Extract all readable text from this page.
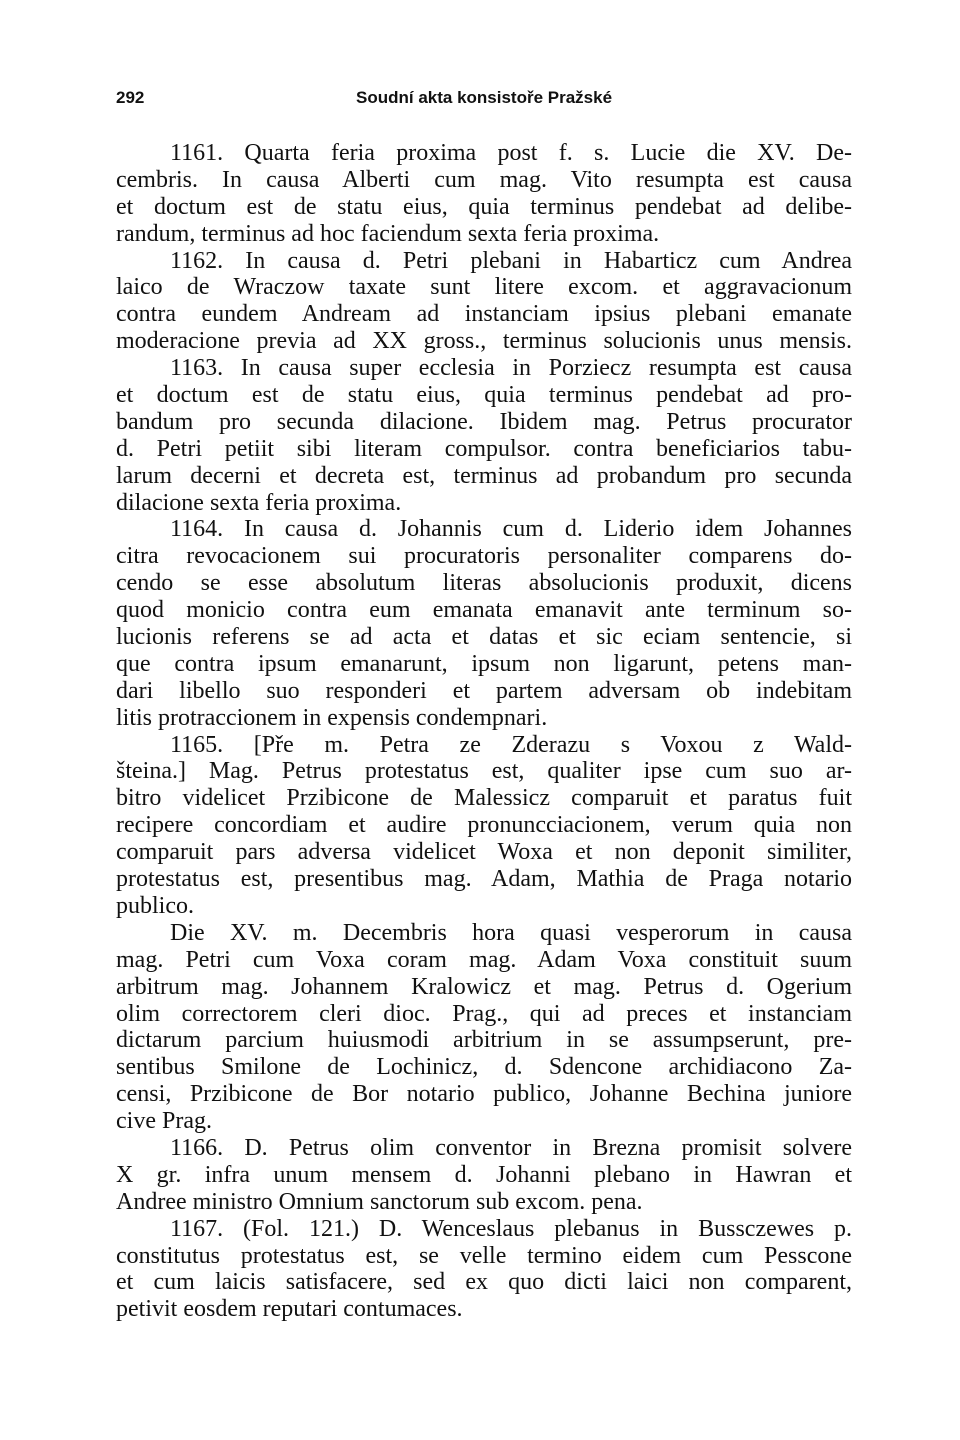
292	Soudní akta konsistoře Pražské
1161. Quarta feria proxima post f. s. Lucie die XV. De-
cembris. In causa Alberti cum mag. Vito resumpta est causa
et doctum est de statu eius, quia terminus pendebat ad delibe-
randum, terminus ad hoc faciendum sexta feria proxima.
1162. In causa d. Petri plebani in Habarticz cum Andrea
laico de Wraczow taxate sunt litere excom. et aggravacionum
contra eundem Andream ad instanciam ipsius plebani emanate
moderacione previa ad XX gross., terminus solucionis unus mensis.
1163. In causa super ecclesia in Porziecz resumpta est causa
et doctum est de statu eius, quia terminus pendebat ad pro-
bandum pro secunda dilacione. Ibidem mag. Petrus procurator
d. Petri petiit sibi literam compulsor. contra beneficiarios tabu-
larum decerni et decreta est, terminus ad probandum pro secunda
dilacione sexta feria proxima.
1164. In causa d. Johannis cum d. Liderio idem Johannes
citra revocacionem sui procuratoris personaliter comparens do-
cendo se esse absolutum literas absolucionis produxit, dicens
quod monicio contra eum emanata emanavit ante terminum so-
lucionis referens se ad acta et datas et sic eciam sentencie, si
que contra ipsum emanarunt, ipsum non ligarunt, petens man-
dari libello suo responderi et partem adversam ob indebitam
litis protraccionem in expensis condempnari.
1165. [Pře m. Petra ze Zderazu s Voxou z Wald-
šteina.] Mag. Petrus protestatus est, qualiter ipse cum suo ar-
bitro videlicet Przibicone de Malessicz comparuit et paratus fuit
recipere concordiam et audire pronuncciacionem, verum quia non
comparuit pars adversa videlicet Woxa et non deponit similiter,
protestatus est, presentibus mag. Adam, Mathia de Praga notario
publico.
Die XV. m. Decembris hora quasi vesperorum in causa
mag. Petri cum Voxa coram mag. Adam Voxa constituit suum
arbitrum mag. Johannem Kralowicz et mag. Petrus d. Ogerium
olim correctorem cleri dioc. Prag., qui ad preces et instanciam
dictarum parcium huiusmodi arbitrium in se assumpserunt, pre-
sentibus Smilone de Lochinicz, d. Sdencone archidiacono Za-
censi, Przibicone de Bor notario publico, Johanne Bechina juniore
cive Prag.
1166. D. Petrus olim conventor in Brezna promisit solvere
X gr. infra unum mensem d. Johanni plebano in Hawran et
Andree ministro Omnium sanctorum sub excom. pena.
1167. (Fol. 121.) D. Wenceslaus plebanus in Bussczewes p.
constitutus protestatus est, se velle termino eidem cum Pesscone
et cum laicis satisfacere, sed ex quo dicti laici non comparent,
petivit eosdem reputari contumaces.
